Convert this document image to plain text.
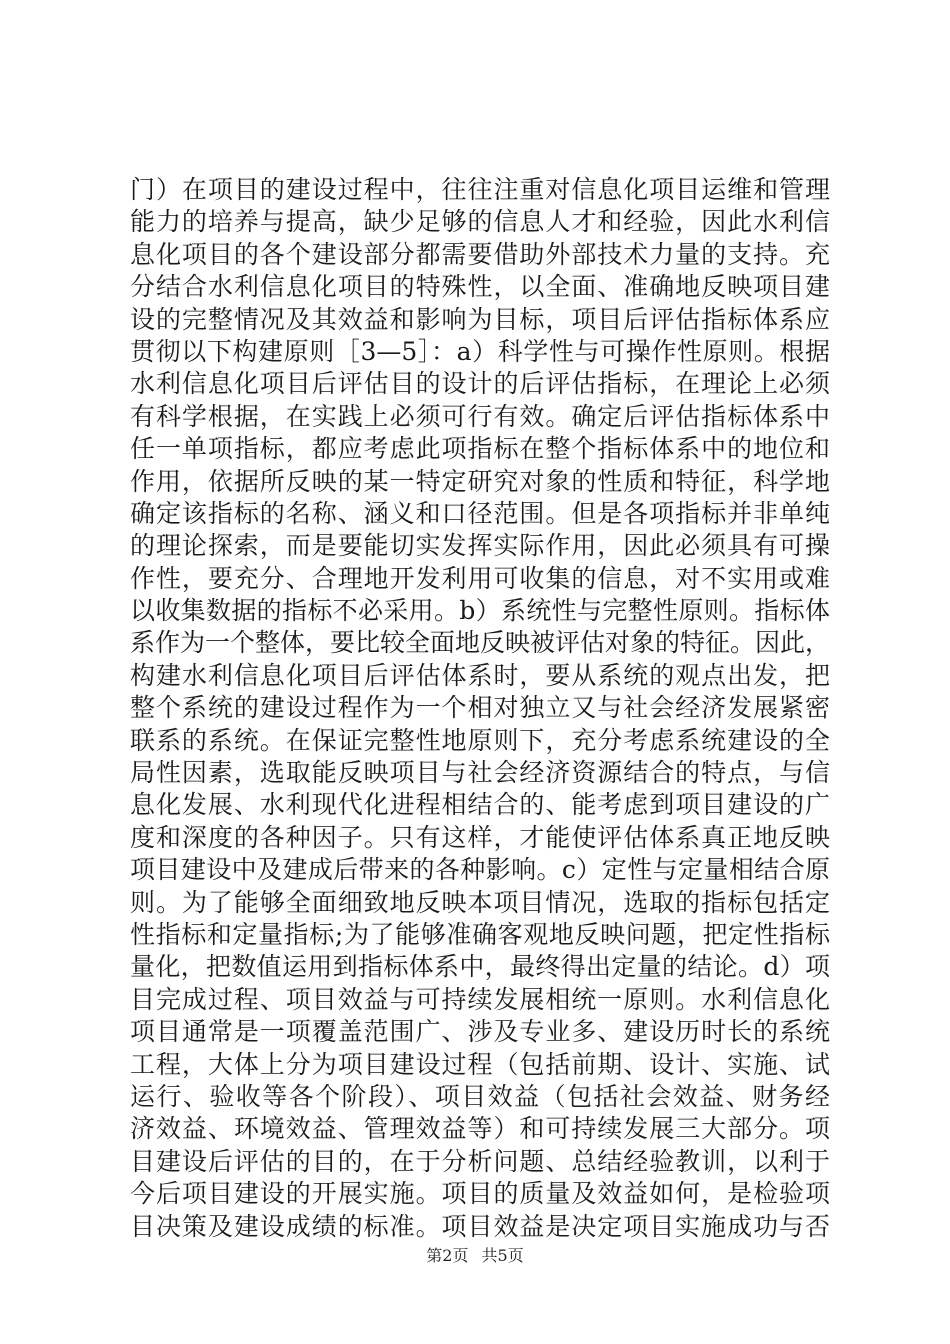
门）在项目的建设过程中，往往注重对信息化项目运维和管理
能力的培养与提高，缺少足够的信息人才和经验，因此水利信
息化项目的各个建设部分都需要借助外部技术力量的支持。充
分结合水利信息化项目的特殊性，以全面、准确地反映项目建
设的完整情况及其效益和影响为目标，项目后评估指标体系应
贯彻以下构建原则［3—5］：a）科学性与可操作性原则。根据
水利信息化项目后评估目的设计的后评估指标，在理论上必须
有科学根据，在实践上必须可行有效。确定后评估指标体系中
任一单项指标，都应考虑此项指标在整个指标体系中的地位和
作用，依据所反映的某一特定研究对象的性质和特征，科学地
确定该指标的名称、涵义和口径范围。但是各项指标并非单纯
的理论探索，而是要能切实发挥实际作用，因此必须具有可操
作性，要充分、合理地开发利用可收集的信息，对不实用或难
以收集数据的指标不必采用。b）系统性与完整性原则。指标体
系作为一个整体，要比较全面地反映被评估对象的特征。因此，
构建水利信息化项目后评估体系时，要从系统的观点出发，把
整个系统的建设过程作为一个相对独立又与社会经济发展紧密
联系的系统。在保证完整性地原则下，充分考虑系统建设的全
局性因素，选取能反映项目与社会经济资源结合的特点，与信
息化发展、水利现代化进程相结合的、能考虑到项目建设的广
度和深度的各种因子。只有这样，才能使评估体系真正地反映
项目建设中及建成后带来的各种影响。c）定性与定量相结合原
则。为了能够全面细致地反映本项目情况，选取的指标包括定
性指标和定量指标;为了能够准确客观地反映问题，把定性指标
量化，把数值运用到指标体系中，最终得出定量的结论。d）项
目完成过程、项目效益与可持续发展相统一原则。水利信息化
项目通常是一项覆盖范围广、涉及专业多、建设历时长的系统
工程，大体上分为项目建设过程（包括前期、设计、实施、试
运行、验收等各个阶段）、项目效益（包括社会效益、财务经
济效益、环境效益、管理效益等）和可持续发展三大部分。项
目建设后评估的目的，在于分析问题、总结经验教训，以利于
今后项目建设的开展实施。项目的质量及效益如何，是检验项
目决策及建设成绩的标准。项目效益是决定项目实施成功与否
第2页 共5页
